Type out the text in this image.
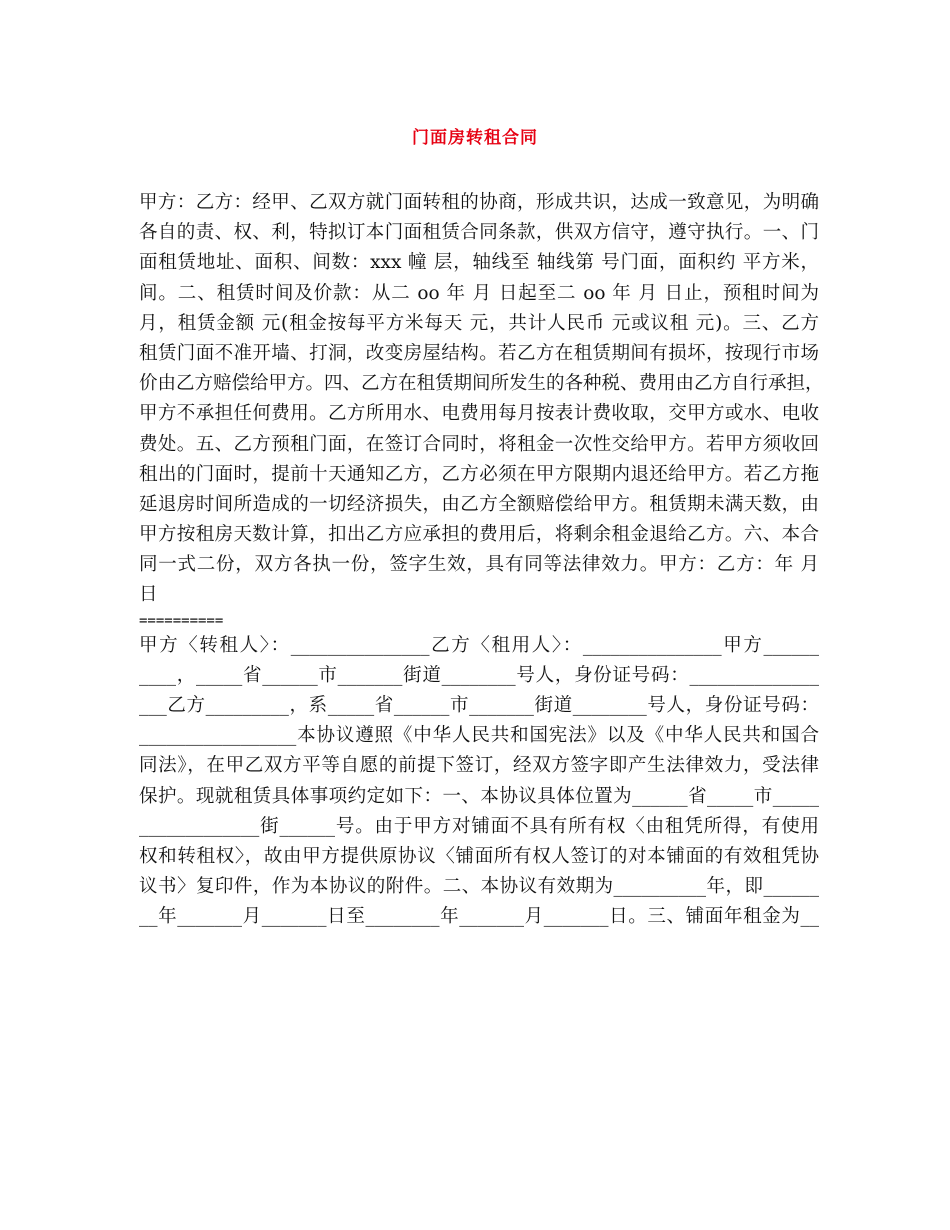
门面房转租合同
甲方：乙方：经甲、乙双方就门面转租的协商，形成共识，达成一致意见，为明确
各自的责、权、利，特拟订本门面租赁合同条款，供双方信守，遵守执行。一、门
面租赁地址、面积、间数：xxx 幢 层，轴线至 轴线第 号门面，面积约 平方米，
间。二、租赁时间及价款：从二 oo 年 月 日起至二 oo 年 月 日止，预租时间为
月，租赁金额 元(租金按每平方米每天 元，共计人民币 元或议租 元)。三、乙方
租赁门面不准开墙、打洞，改变房屋结构。若乙方在租赁期间有损坏，按现行市场
价由乙方赔偿给甲方。四、乙方在租赁期间所发生的各种税、费用由乙方自行承担，
甲方不承担任何费用。乙方所用水、电费用每月按表计费收取，交甲方或水、电收
费处。五、乙方预租门面，在签订合同时，将租金一次性交给甲方。若甲方须收回
租出的门面时，提前十天通知乙方，乙方必须在甲方限期内退还给甲方。若乙方拖
延退房时间所造成的一切经济损失，由乙方全额赔偿给甲方。租赁期未满天数，由
甲方按租房天数计算，扣出乙方应承担的费用后，将剩余租金退给乙方。六、本合
同一式二份，双方各执一份，签字生效，具有同等法律效力。甲方：乙方：年 月
日
==========
甲方〈转租人〉：_______________乙方〈租用人〉：_______________甲方______
____，_____省______市_______街道________号人，身份证号码：______________
___乙方_________，系_____省______市_______街道________号人，身份证号码：
_________________本协议遵照《中华人民共和国宪法》以及《中华人民共和国合
同法》，在甲乙双方平等自愿的前提下签订，经双方签字即产生法律效力，受法律
保护。现就租赁具体事项约定如下：一、本协议具体位置为______省_____市_____
_____________街______号。由于甲方对铺面不具有所有权〈由租凭所得，有使用
权和转租权〉，故由甲方提供原协议〈铺面所有权人签订的对本铺面的有效租凭协
议书〉复印件，作为本协议的附件。二、本协议有效期为__________年，即______
__年_______月_______日至________年_______月_______日。三、铺面年租金为__
